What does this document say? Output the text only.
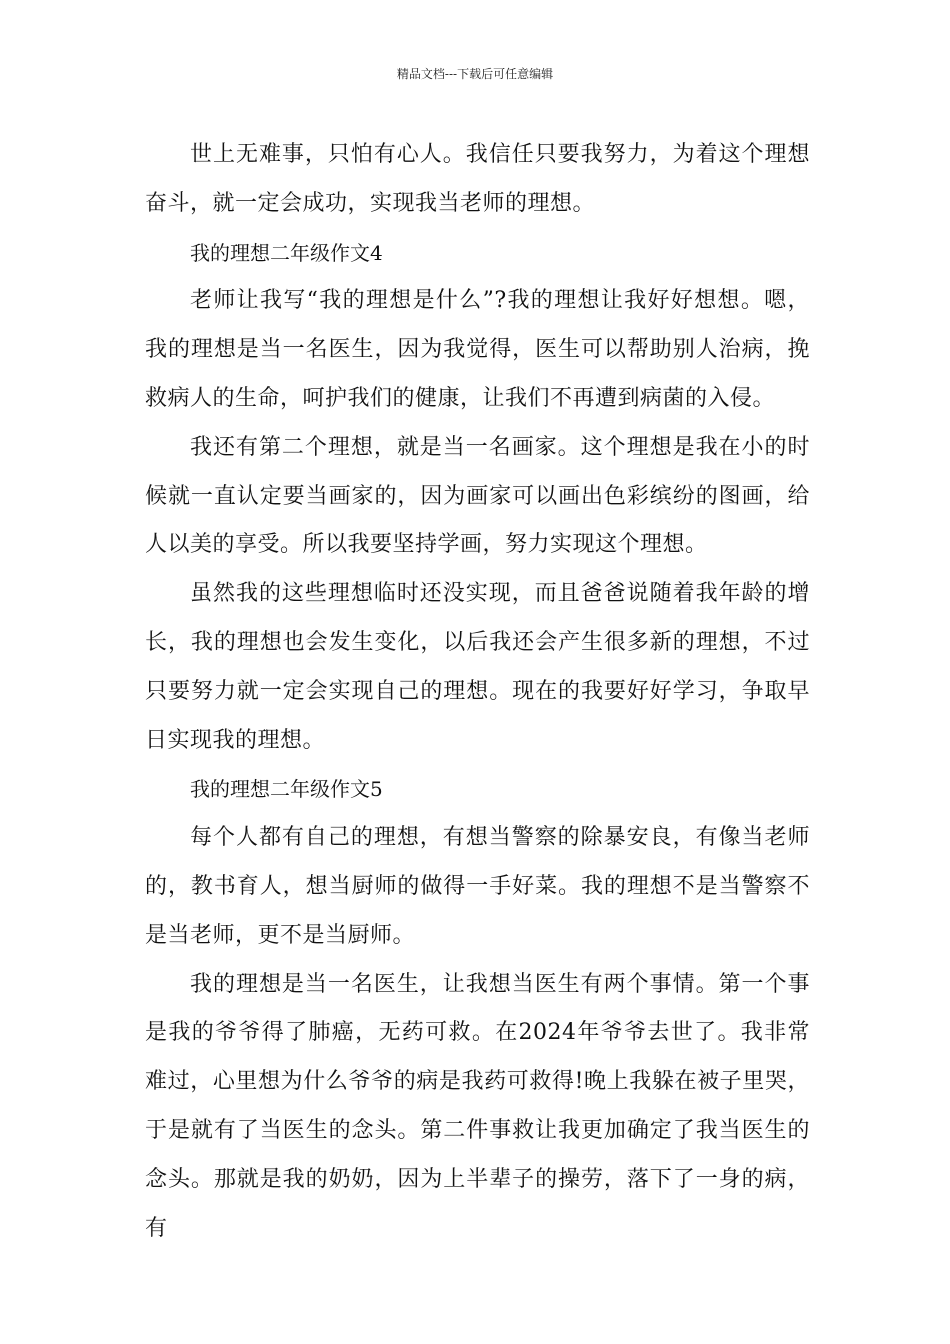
精品文档---下载后可任意编辑

世上无难事，只怕有心人。我信任只要我努力，为着这个理想奋斗，就一定会成功，实现我当老师的理想。

我的理想二年级作文4

老师让我写“我的理想是什么”?我的理想让我好好想想。嗯，我的理想是当一名医生，因为我觉得，医生可以帮助别人治病，挽救病人的生命，呵护我们的健康，让我们不再遭到病菌的入侵。

我还有第二个理想，就是当一名画家。这个理想是我在小的时候就一直认定要当画家的，因为画家可以画出色彩缤纷的图画，给人以美的享受。所以我要坚持学画，努力实现这个理想。

虽然我的这些理想临时还没实现，而且爸爸说随着我年龄的增长，我的理想也会发生变化，以后我还会产生很多新的理想，不过只要努力就一定会实现自己的理想。现在的我要好好学习，争取早日实现我的理想。

我的理想二年级作文5

每个人都有自己的理想，有想当警察的除暴安良，有像当老师的，教书育人，想当厨师的做得一手好菜。我的理想不是当警察不是当老师，更不是当厨师。

我的理想是当一名医生，让我想当医生有两个事情。第一个事是我的爷爷得了肺癌，无药可救。在2024年爷爷去世了。我非常难过，心里想为什么爷爷的病是我药可救得!晚上我躲在被子里哭，于是就有了当医生的念头。第二件事救让我更加确定了我当医生的念头。那就是我的奶奶，因为上半辈子的操劳，落下了一身的病，有
